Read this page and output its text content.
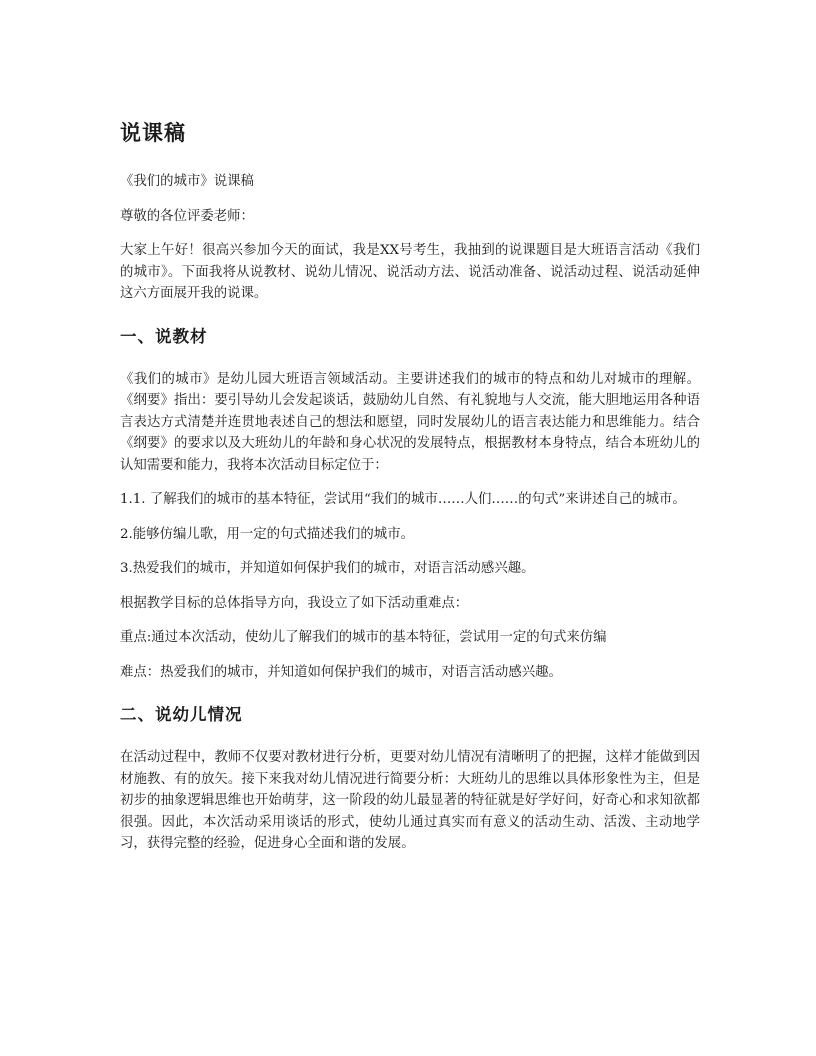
说课稿

《我们的城市》说课稿

尊敬的各位评委老师：

大家上午好！很高兴参加今天的面试，我是XX号考生，我抽到的说课题目是大班语言活动《我们的城市》。下面我将从说教材、说幼儿情况、说活动方法、说活动准备、说活动过程、说活动延伸这六方面展开我的说课。

一、说教材

《我们的城市》是幼儿园大班语言领域活动。主要讲述我们的城市的特点和幼儿对城市的理解。《纲要》指出：要引导幼儿会发起谈话，鼓励幼儿自然、有礼貌地与人交流，能大胆地运用各种语言表达方式清楚并连贯地表述自己的想法和愿望，同时发展幼儿的语言表达能力和思维能力。结合《纲要》的要求以及大班幼儿的年龄和身心状况的发展特点，根据教材本身特点，结合本班幼儿的认知需要和能力，我将本次活动目标定位于：

1.1. 了解我们的城市的基本特征，尝试用“我们的城市……人们……的句式”来讲述自己的城市。

2.能够仿编儿歌，用一定的句式描述我们的城市。

3.热爱我们的城市，并知道如何保护我们的城市，对语言活动感兴趣。

根据教学目标的总体指导方向，我设立了如下活动重难点：

重点:通过本次活动，使幼儿了解我们的城市的基本特征，尝试用一定的句式来仿编

难点：热爱我们的城市，并知道如何保护我们的城市，对语言活动感兴趣。

二、说幼儿情况

在活动过程中，教师不仅要对教材进行分析，更要对幼儿情况有清晰明了的把握，这样才能做到因材施教、有的放矢。接下来我对幼儿情况进行简要分析：大班幼儿的思维以具体形象性为主，但是初步的抽象逻辑思维也开始萌芽，这一阶段的幼儿最显著的特征就是好学好问，好奇心和求知欲都很强。因此，本次活动采用谈话的形式，使幼儿通过真实而有意义的活动生动、活泼、主动地学习，获得完整的经验，促进身心全面和谐的发展。
